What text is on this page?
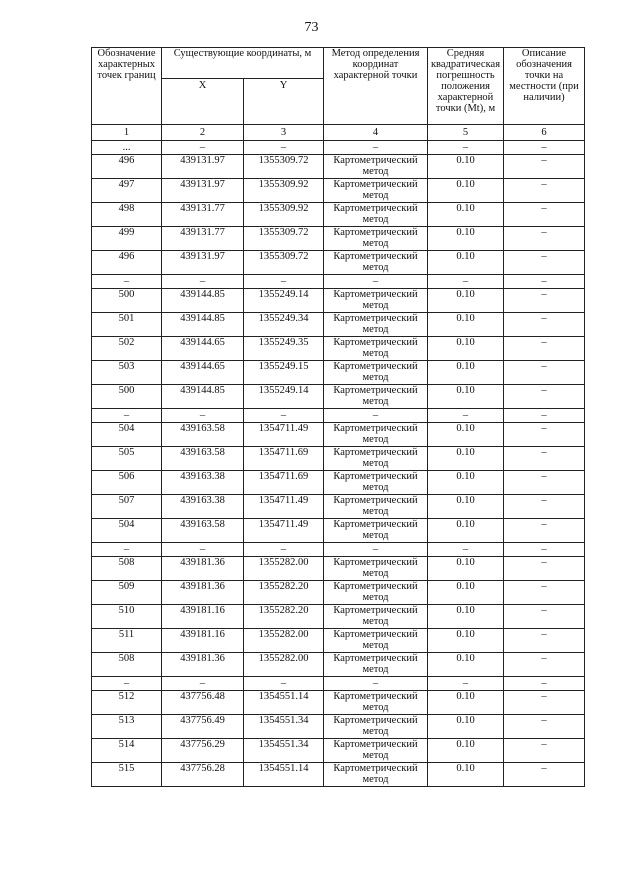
73
Обозначение характерных точек границ	Существующие координаты, м		Метод определения координат характерной точки	Средняя квадратическая погрешность положения характерной точки (Mt), м	Описание обозначения точки на местности (при наличии)
	X	Y			
1	2	3	4	5	6
...	–	–	–	–	–
496	439131.97	1355309.72	Картометрический метод	0.10	–
497	439131.97	1355309.92	Картометрический метод	0.10	–
498	439131.77	1355309.92	Картометрический метод	0.10	–
499	439131.77	1355309.72	Картометрический метод	0.10	–
496	439131.97	1355309.72	Картометрический метод	0.10	–
–	–	–	–	–	–
500	439144.85	1355249.14	Картометрический метод	0.10	–
501	439144.85	1355249.34	Картометрический метод	0.10	–
502	439144.65	1355249.35	Картометрический метод	0.10	–
503	439144.65	1355249.15	Картометрический метод	0.10	–
500	439144.85	1355249.14	Картометрический метод	0.10	–
–	–	–	–	–	–
504	439163.58	1354711.49	Картометрический метод	0.10	–
505	439163.58	1354711.69	Картометрический метод	0.10	–
506	439163.38	1354711.69	Картометрический метод	0.10	–
507	439163.38	1354711.49	Картометрический метод	0.10	–
504	439163.58	1354711.49	Картометрический метод	0.10	–
–	–	–	–	–	–
508	439181.36	1355282.00	Картометрический метод	0.10	–
509	439181.36	1355282.20	Картометрический метод	0.10	–
510	439181.16	1355282.20	Картометрический метод	0.10	–
511	439181.16	1355282.00	Картометрический метод	0.10	–
508	439181.36	1355282.00	Картометрический метод	0.10	–
–	–	–	–	–	–
512	437756.48	1354551.14	Картометрический метод	0.10	–
513	437756.49	1354551.34	Картометрический метод	0.10	–
514	437756.29	1354551.34	Картометрический метод	0.10	–
515	437756.28	1354551.14	Картометрический метод	0.10	–
